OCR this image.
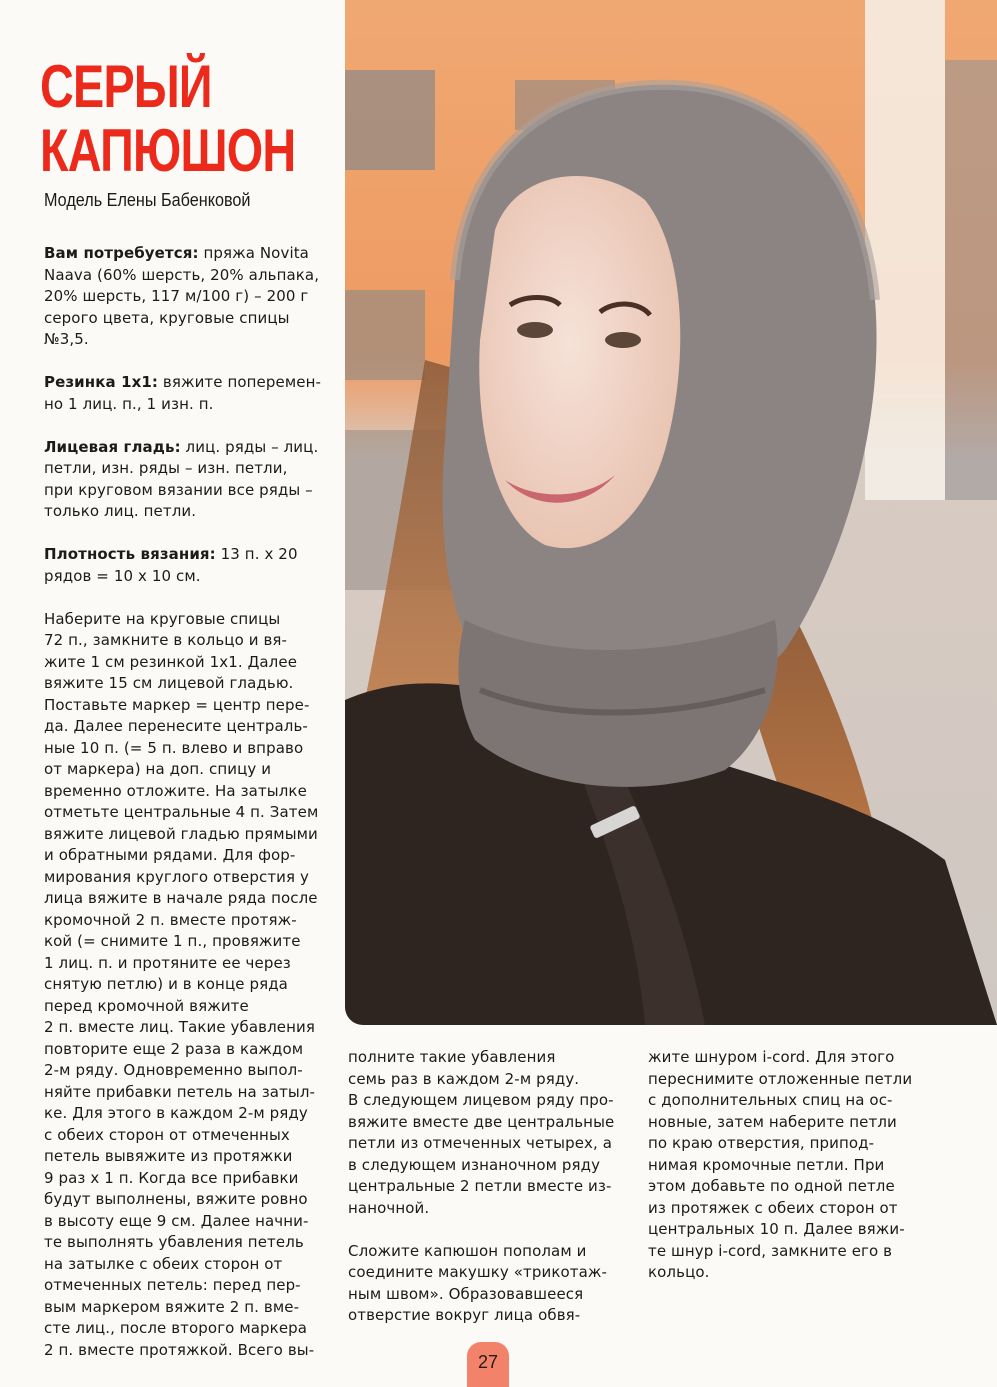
СЕРЫЙ
КАПЮШОН
Модель Елены Бабенковой

Вам потребуется: пряжа Novita
Naava (60% шерсть, 20% альпака,
20% шерсть, 117 м/100 г) – 200 г
серого цвета, круговые спицы
№3,5.

Резинка 1x1: вяжите поперемен-
но 1 лиц. п., 1 изн. п.

Лицевая гладь: лиц. ряды – лиц.
петли, изн. ряды – изн. петли,
при круговом вязании все ряды –
только лиц. петли.

Плотность вязания: 13 п. х 20
рядов = 10 х 10 см.

Наберите на круговые спицы
72 п., замкните в кольцо и вя-
жите 1 см резинкой 1x1. Далее
вяжите 15 см лицевой гладью.
Поставьте маркер = центр пере-
да. Далее перенесите централь-
ные 10 п. (= 5 п. влево и вправо
от маркера) на доп. спицу и
временно отложите. На затылке
отметьте центральные 4 п. Затем
вяжите лицевой гладью прямыми
и обратными рядами. Для фор-
мирования круглого отверстия у
лица вяжите в начале ряда после
кромочной 2 п. вместе протяж-
кой (= снимите 1 п., провяжите
1 лиц. п. и протяните ее через
снятую петлю) и в конце ряда
перед кромочной вяжите
2 п. вместе лиц. Такие убавления
повторите еще 2 раза в каждом
2-м ряду. Одновременно выпол-
няйте прибавки петель на затыл-
ке. Для этого в каждом 2-м ряду
с обеих сторон от отмеченных
петель вывяжите из протяжки
9 раз х 1 п. Когда все прибавки
будут выполнены, вяжите ровно
в высоту еще 9 см. Далее начни-
те выполнять убавления петель
на затылке с обеих сторон от
отмеченных петель: перед пер-
вым маркером вяжите 2 п. вме-
сте лиц., после второго маркера
2 п. вместе протяжкой. Всего вы-

полните такие убавления
семь раз в каждом 2-м ряду.
В следующем лицевом ряду про-
вяжите вместе две центральные
петли из отмеченных четырех, а
в следующем изнаночном ряду
центральные 2 петли вместе из-
наночной.

Сложите капюшон пополам и
соедините макушку «трикотаж-
ным швом». Образовавшееся
отверстие вокруг лица обвя-

жите шнуром i-cord. Для этого
переснимите отложенные петли
с дополнительных спиц на ос-
новные, затем наберите петли
по краю отверстия, припод-
нимая кромочные петли. При
этом добавьте по одной петле
из протяжек с обеих сторон от
центральных 10 п. Далее вяжи-
те шнур i-cord, замкните его в
кольцо.

27
